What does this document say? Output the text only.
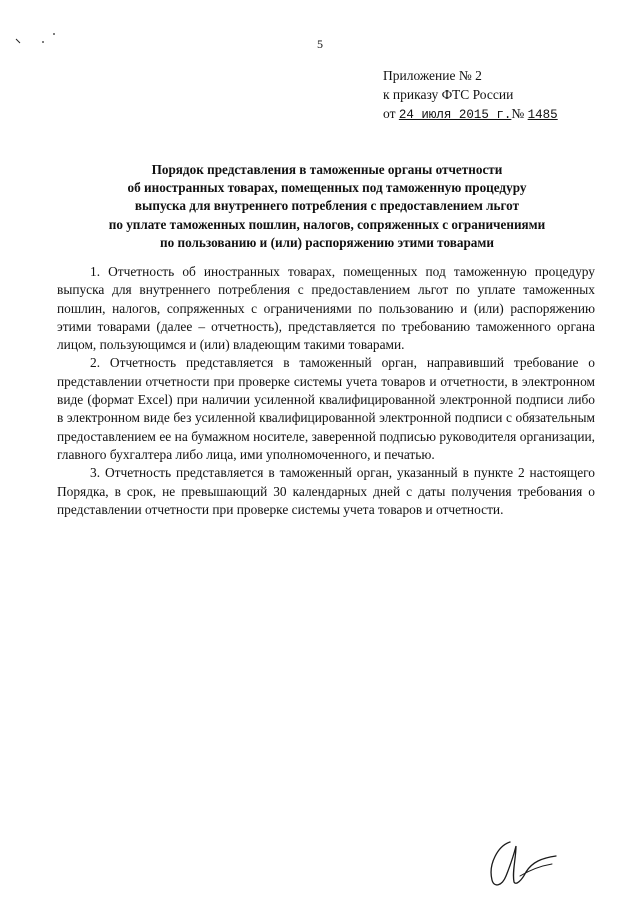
5
Приложение № 2
к приказу ФТС России
от 24 июля 2015 г.№ 1485
Порядок представления в таможенные органы отчетности
об иностранных товарах, помещенных под таможенную процедуру
выпуска для внутреннего потребления с предоставлением льгот
по уплате таможенных пошлин, налогов, сопряженных с ограничениями
по пользованию и (или) распоряжению этими товарами

1. Отчетность об иностранных товарах, помещенных под таможенную процедуру выпуска для внутреннего потребления с предоставлением льгот по уплате таможенных пошлин, налогов, сопряженных с ограничениями по пользованию и (или) распоряжению этими товарами (далее – отчетность), представляется по требованию таможенного органа лицом, пользующимся и (или) владеющим такими товарами.

2. Отчетность представляется в таможенный орган, направивший требование о представлении отчетности при проверке системы учета товаров и отчетности, в электронном виде (формат Excel) при наличии усиленной квалифицированной электронной подписи либо в электронном виде без усиленной квалифицированной электронной подписи с обязательным предоставлением ее на бумажном носителе, заверенной подписью руководителя организации, главного бухгалтера либо лица, ими уполномоченного, и печатью.

3. Отчетность представляется в таможенный орган, указанный в пункте 2 настоящего Порядка, в срок, не превышающий 30 календарных дней с даты получения требования о представлении отчетности при проверке системы учета товаров и отчетности.
